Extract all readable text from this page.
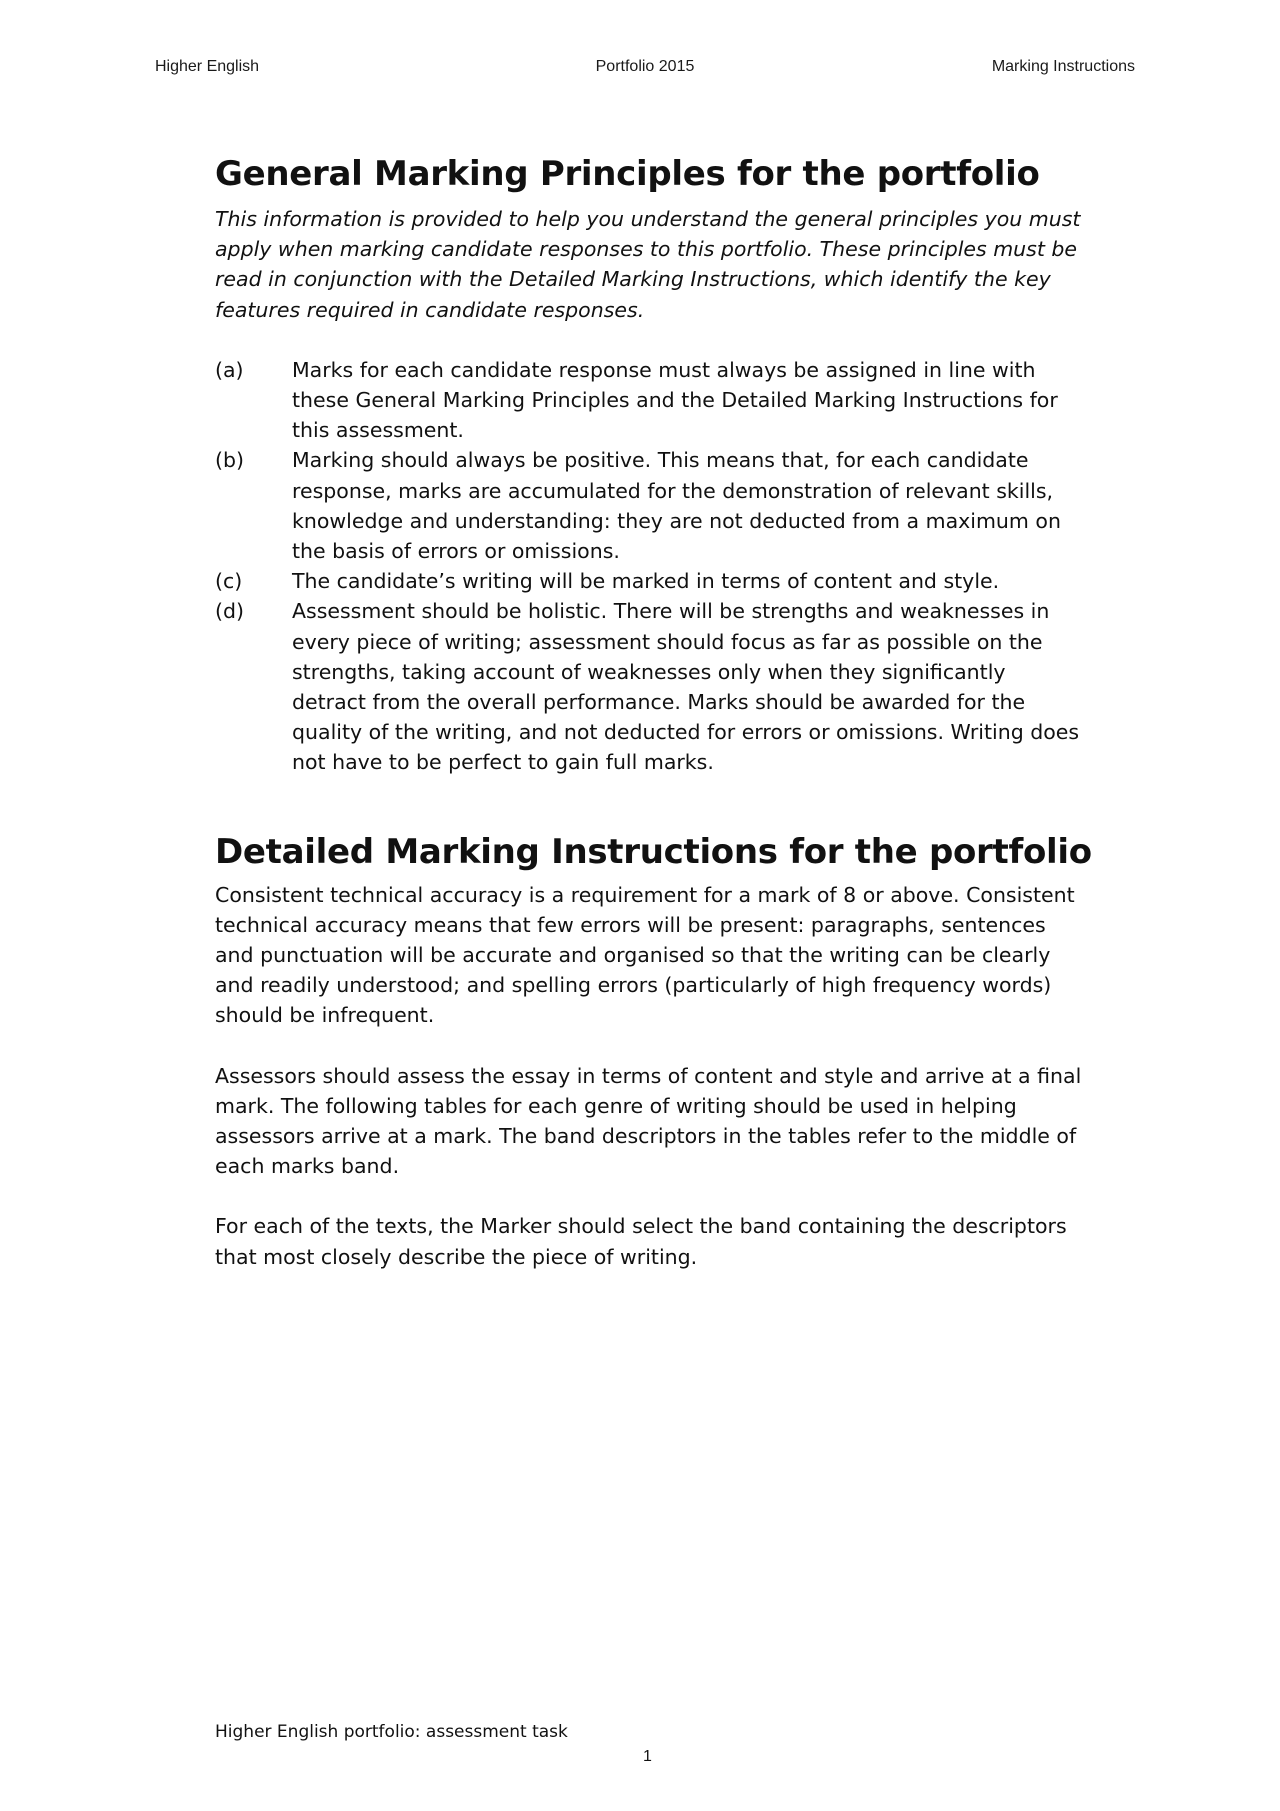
Higher English	Portfolio 2015	Marking Instructions
General Marking Principles for the portfolio

This information is provided to help you understand the general principles you must apply when marking candidate responses to this portfolio. These principles must be read in conjunction with the Detailed Marking Instructions, which identify the key features required in candidate responses.

(a) Marks for each candidate response must always be assigned in line with these General Marking Principles and the Detailed Marking Instructions for this assessment.
(b) Marking should always be positive. This means that, for each candidate response, marks are accumulated for the demonstration of relevant skills, knowledge and understanding: they are not deducted from a maximum on the basis of errors or omissions.
(c) The candidate’s writing will be marked in terms of content and style.
(d) Assessment should be holistic. There will be strengths and weaknesses in every piece of writing; assessment should focus as far as possible on the strengths, taking account of weaknesses only when they significantly detract from the overall performance. Marks should be awarded for the quality of the writing, and not deducted for errors or omissions. Writing does not have to be perfect to gain full marks.
Detailed Marking Instructions for the portfolio

Consistent technical accuracy is a requirement for a mark of 8 or above. Consistent technical accuracy means that few errors will be present: paragraphs, sentences and punctuation will be accurate and organised so that the writing can be clearly and readily understood; and spelling errors (particularly of high frequency words) should be infrequent.

Assessors should assess the essay in terms of content and style and arrive at a final mark. The following tables for each genre of writing should be used in helping assessors arrive at a mark. The band descriptors in the tables refer to the middle of each marks band.

For each of the texts, the Marker should select the band containing the descriptors that most closely describe the piece of writing.

Higher English portfolio: assessment task
1
